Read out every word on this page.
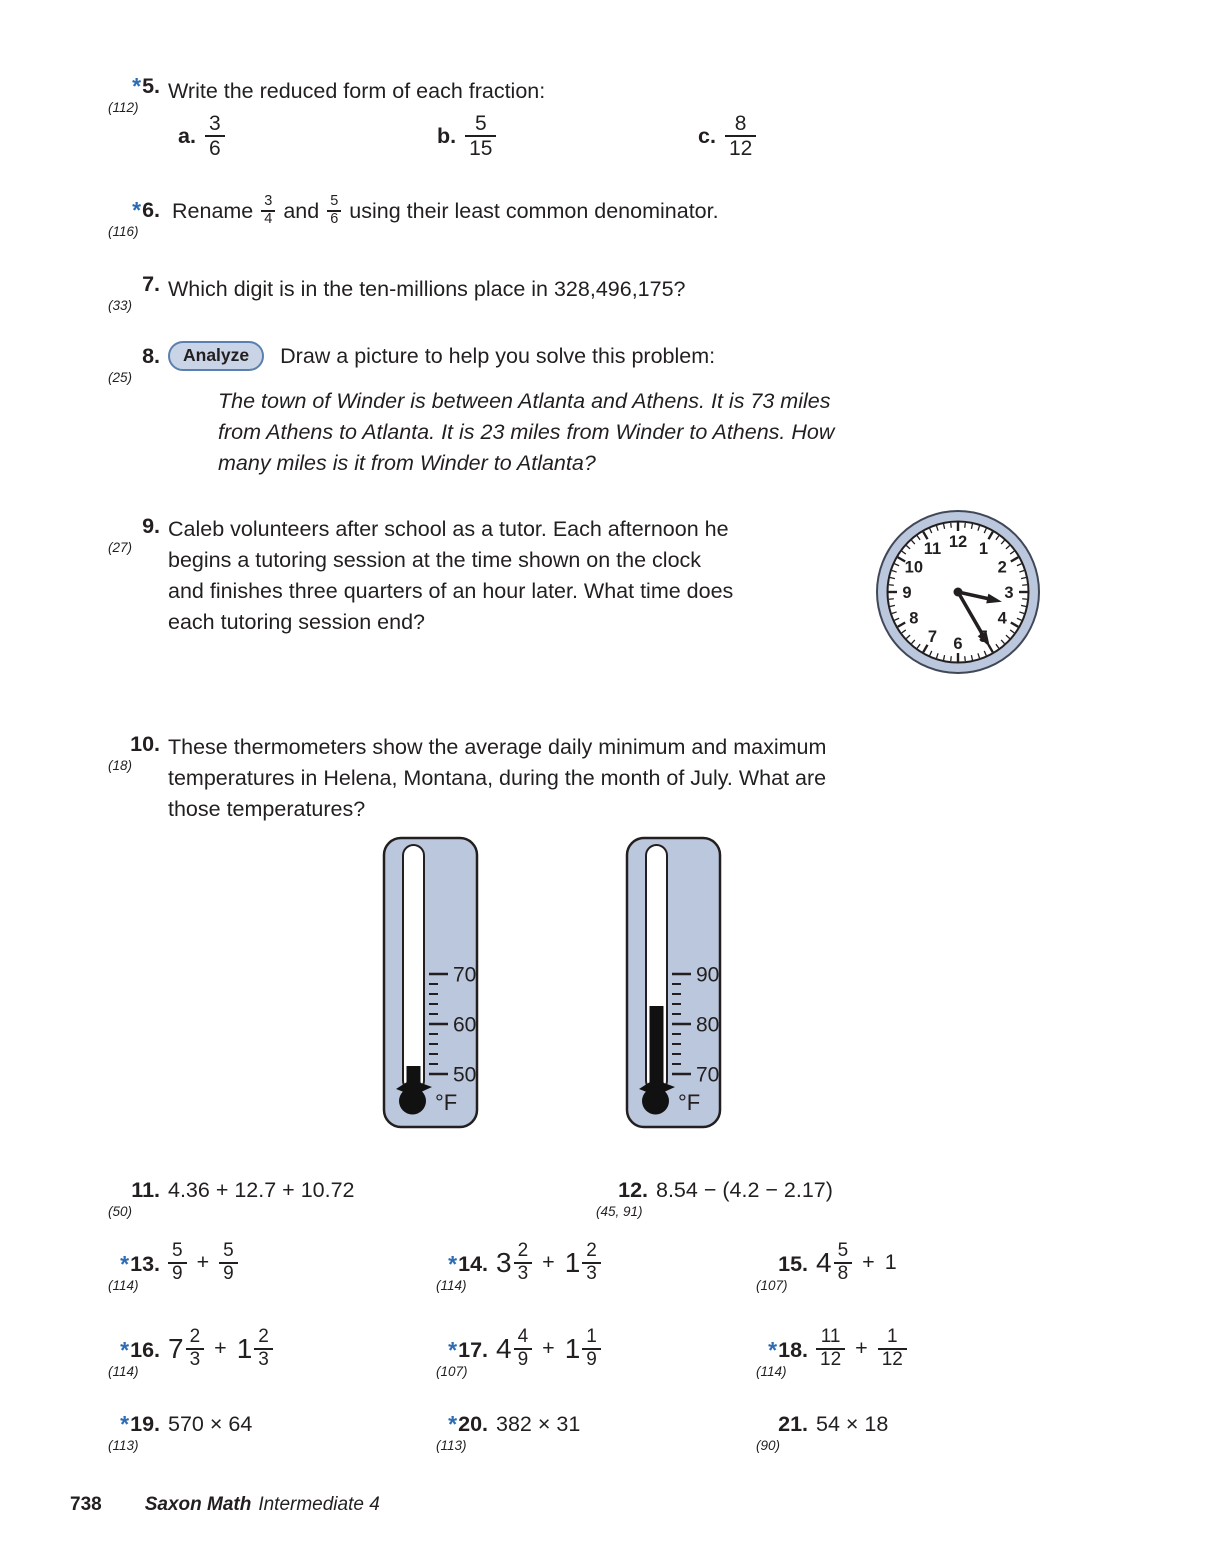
* 5.
(112)
Write the reduced form of each fraction:
a. $\frac{3}{6}$	b. $\frac{5}{15}$	c. $\frac{8}{12}$
* 6.
(116)
Rename $\frac{3}{4}$ and $\frac{5}{6}$ using their least common denominator.
7.
(33)
Which digit is in the ten-millions place in 328,496,175?
8.
(25)
Analyze	Draw a picture to help you solve this problem:
The town of Winder is between Atlanta and Athens. It is 73 miles
from Athens to Atlanta. It is 23 miles from Winder to Athens. How
many miles is it from Winder to Atlanta?
9.
(27)
Caleb volunteers after school as a tutor. Each afternoon he
begins a tutoring session at the time shown on the clock
and finishes three quarters of an hour later. What time does
each tutoring session end?
12 1
2
3
4
6
7
8
9
10
11
10.
(18)
These thermometers show the average daily minimum and maximum
temperatures in Helena, Montana, during the month of July. What are
those temperatures?
50
60
70
°F
70
80
90
°F
11.
(50)
4.36 + 12.7 + 10.72	12.
(45, 91)
8.54 − (4.2 − 2.17)
* 13.
(114)
$\frac{5}{9} + \frac{5}{9}$	* 14.
(114)
$3 \frac{2}{3} + 1 \frac{2}{3}$	15.
(107)
$4 \frac{5}{8} + 1$
* 16.
(114)
$7 \frac{2}{3} + 1 \frac{2}{3}$	* 17.
(107)
$4 \frac{4}{9} + 1 \frac{1}{9}$	* 18.
(114)
$\frac{11}{12} + \frac{1}{12}$
* 19.
(113)
570 × 64	* 20.
(113)
382 × 31	21.
(90)
54 × 18
738 Saxon Math Intermediate 4
